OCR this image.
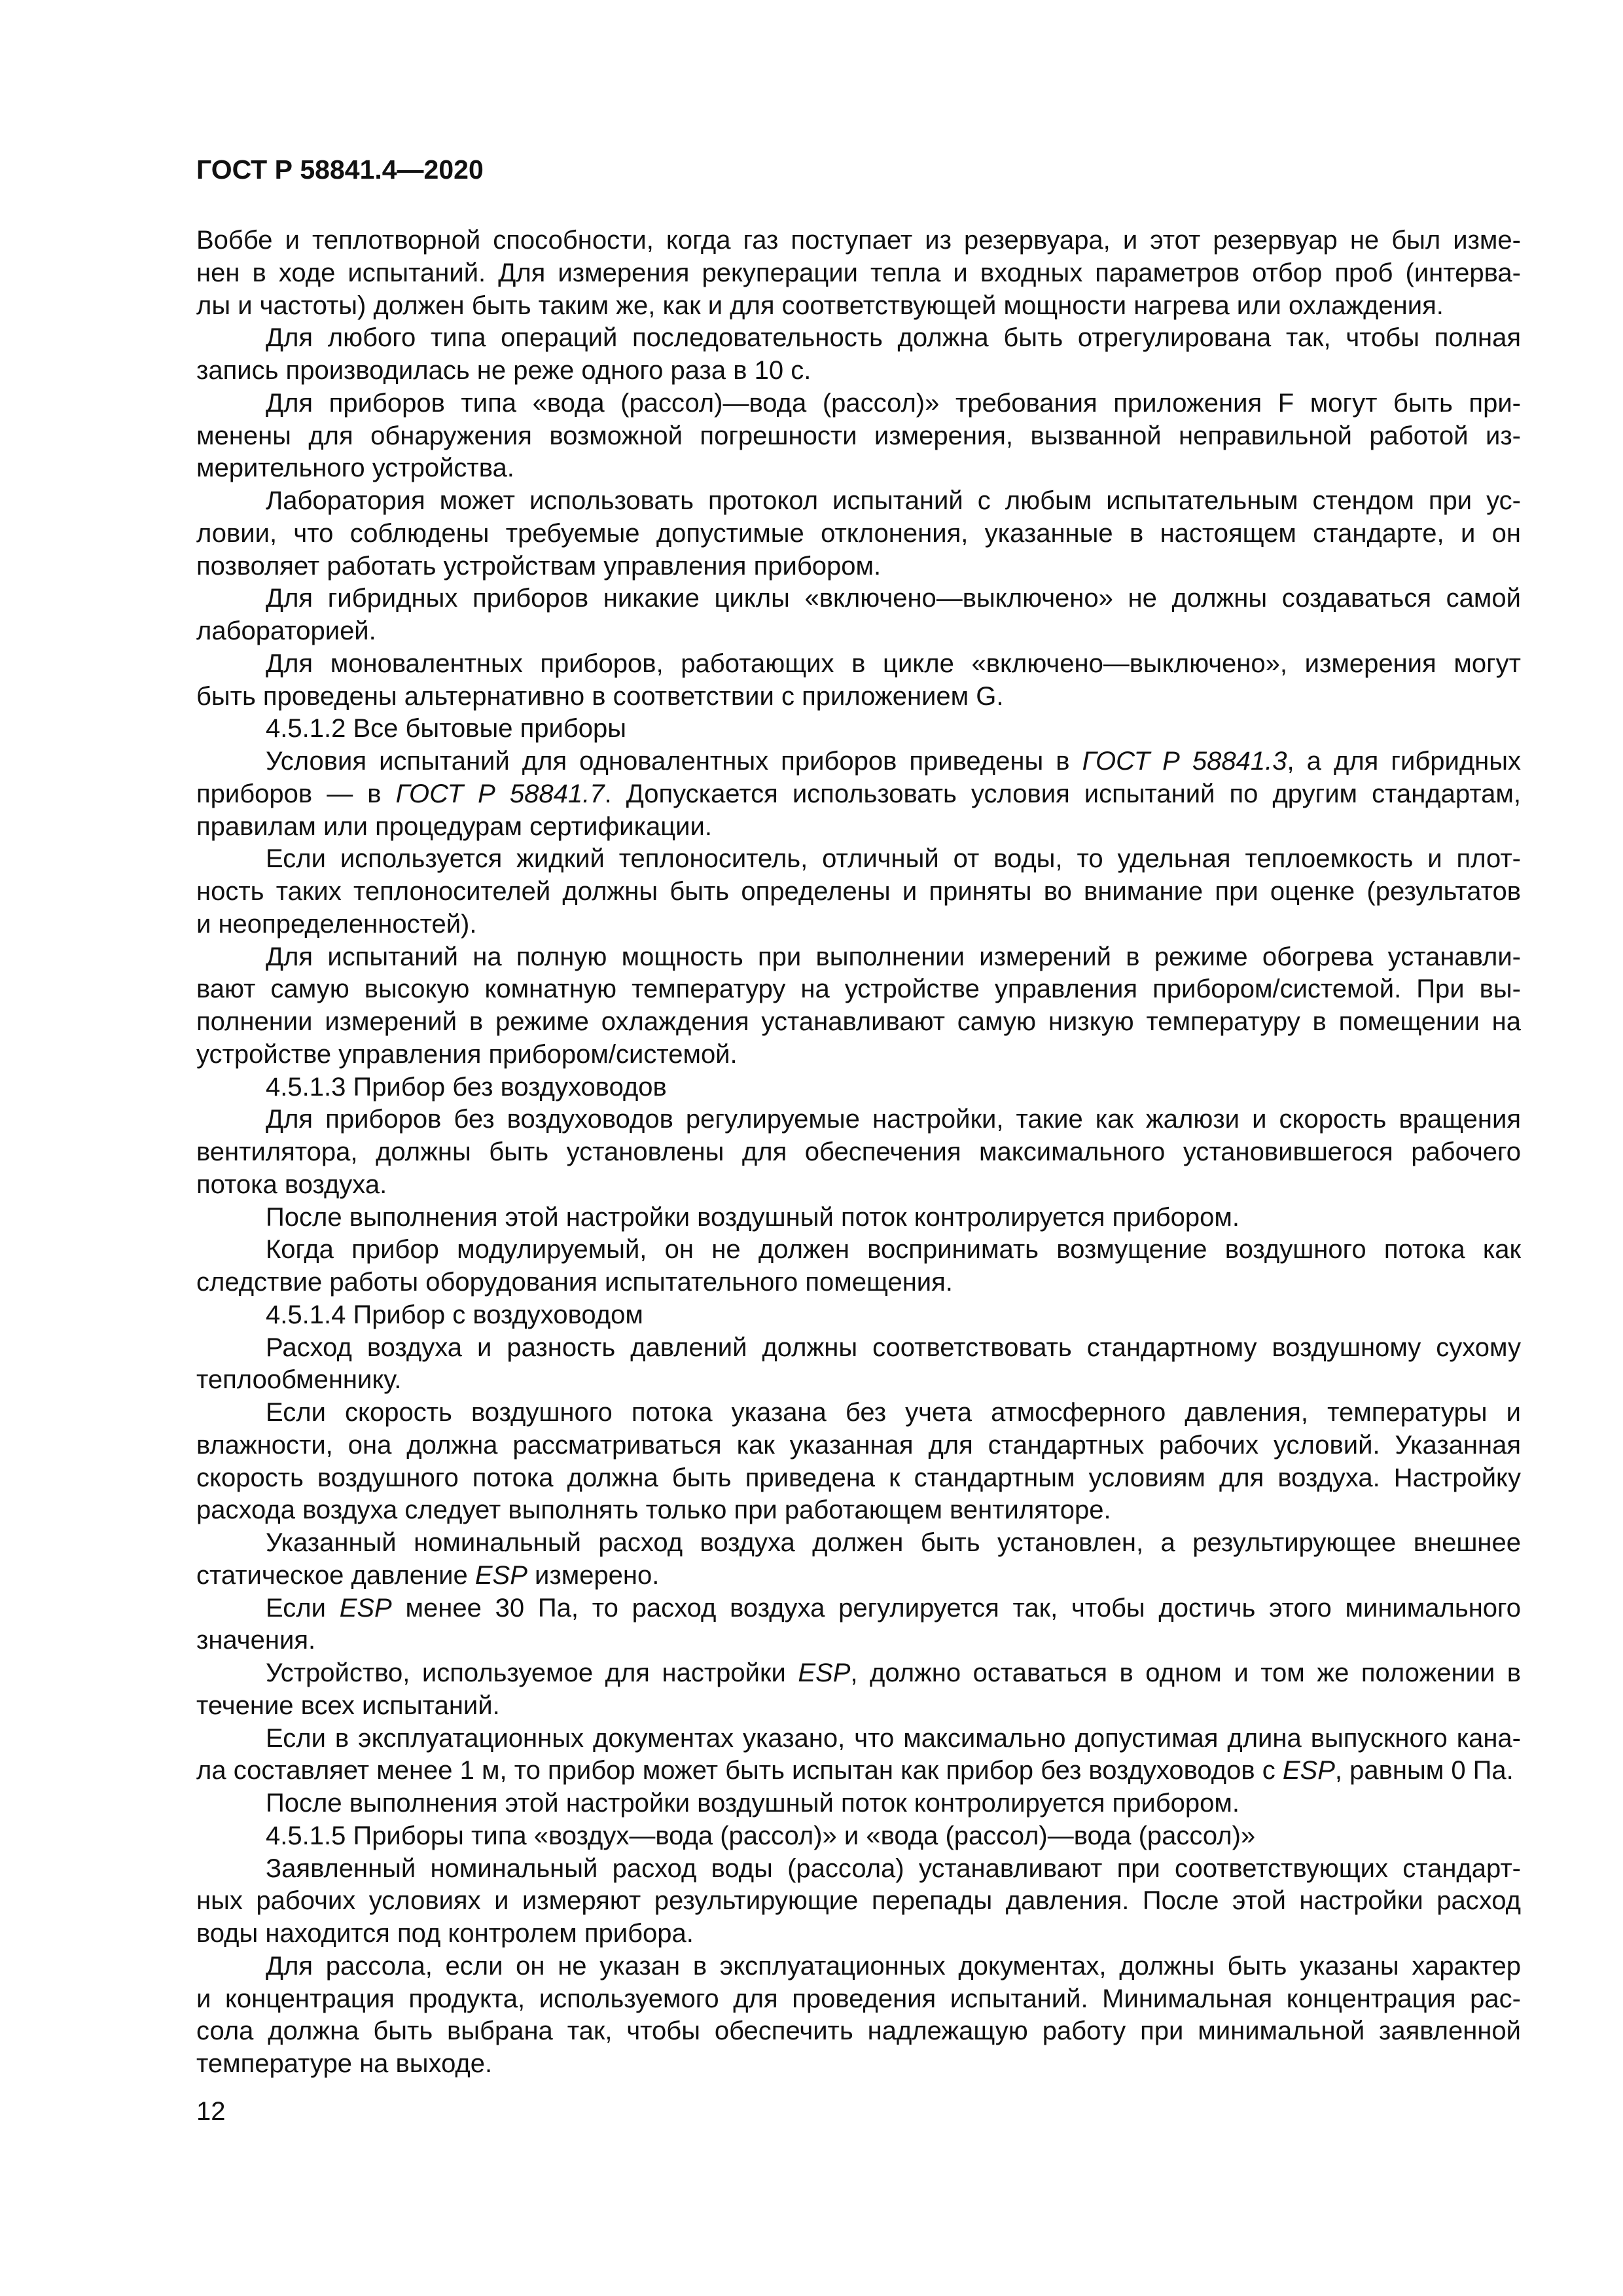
ГОСТ Р 58841.4—2020
Воббе и теплотворной способности, когда газ поступает из резервуара, и этот резервуар не был изме-
нен в ходе испытаний. Для измерения рекуперации тепла и входных параметров отбор проб (интерва-
лы и частоты) должен быть таким же, как и для соответствующей мощности нагрева или охлаждения.
Для любого типа операций последовательность должна быть отрегулирована так, чтобы полная
запись производилась не реже одного раза в 10 с.
Для приборов типа «вода (рассол)—вода (рассол)» требования приложения F могут быть при-
менены для обнаружения возможной погрешности измерения, вызванной неправильной работой из-
мерительного устройства.
Лаборатория может использовать протокол испытаний с любым испытательным стендом при ус-
ловии, что соблюдены требуемые допустимые отклонения, указанные в настоящем стандарте, и он
позволяет работать устройствам управления прибором.
Для гибридных приборов никакие циклы «включено—выключено» не должны создаваться самой
лабораторией.
Для моновалентных приборов, работающих в цикле «включено—выключено», измерения могут
быть проведены альтернативно в соответствии с приложением G.
4.5.1.2 Все бытовые приборы
Условия испытаний для одновалентных приборов приведены в ГОСТ Р 58841.3, а для гибридных
приборов — в ГОСТ Р 58841.7. Допускается использовать условия испытаний по другим стандартам,
правилам или процедурам сертификации.
Если используется жидкий теплоноситель, отличный от воды, то удельная теплоемкость и плот-
ность таких теплоносителей должны быть определены и приняты во внимание при оценке (результатов
и неопределенностей).
Для испытаний на полную мощность при выполнении измерений в режиме обогрева устанавли-
вают самую высокую комнатную температуру на устройстве управления прибором/системой. При вы-
полнении измерений в режиме охлаждения устанавливают самую низкую температуру в помещении на
устройстве управления прибором/системой.
4.5.1.3 Прибор без воздуховодов
Для приборов без воздуховодов регулируемые настройки, такие как жалюзи и скорость вращения
вентилятора, должны быть установлены для обеспечения максимального установившегося рабочего
потока воздуха.
После выполнения этой настройки воздушный поток контролируется прибором.
Когда прибор модулируемый, он не должен воспринимать возмущение воздушного потока как
следствие работы оборудования испытательного помещения.
4.5.1.4 Прибор с воздуховодом
Расход воздуха и разность давлений должны соответствовать стандартному воздушному сухому
теплообменнику.
Если скорость воздушного потока указана без учета атмосферного давления, температуры и
влажности, она должна рассматриваться как указанная для стандартных рабочих условий. Указанная
скорость воздушного потока должна быть приведена к стандартным условиям для воздуха. Настройку
расхода воздуха следует выполнять только при работающем вентиляторе.
Указанный номинальный расход воздуха должен быть установлен, а результирующее внешнее
статическое давление ESP измерено.
Если ESP менее 30 Па, то расход воздуха регулируется так, чтобы достичь этого минимального
значения.
Устройство, используемое для настройки ESP, должно оставаться в одном и том же положении в
течение всех испытаний.
Если в эксплуатационных документах указано, что максимально допустимая длина выпускного кана-
ла составляет менее 1 м, то прибор может быть испытан как прибор без воздуховодов с ESP, равным 0 Па.
После выполнения этой настройки воздушный поток контролируется прибором.
4.5.1.5 Приборы типа «воздух—вода (рассол)» и «вода (рассол)—вода (рассол)»
Заявленный номинальный расход воды (рассола) устанавливают при соответствующих стандарт-
ных рабочих условиях и измеряют результирующие перепады давления. После этой настройки расход
воды находится под контролем прибора.
Для рассола, если он не указан в эксплуатационных документах, должны быть указаны характер
и концентрация продукта, используемого для проведения испытаний. Минимальная концентрация рас-
сола должна быть выбрана так, чтобы обеспечить надлежащую работу при минимальной заявленной
температуре на выходе.
12
